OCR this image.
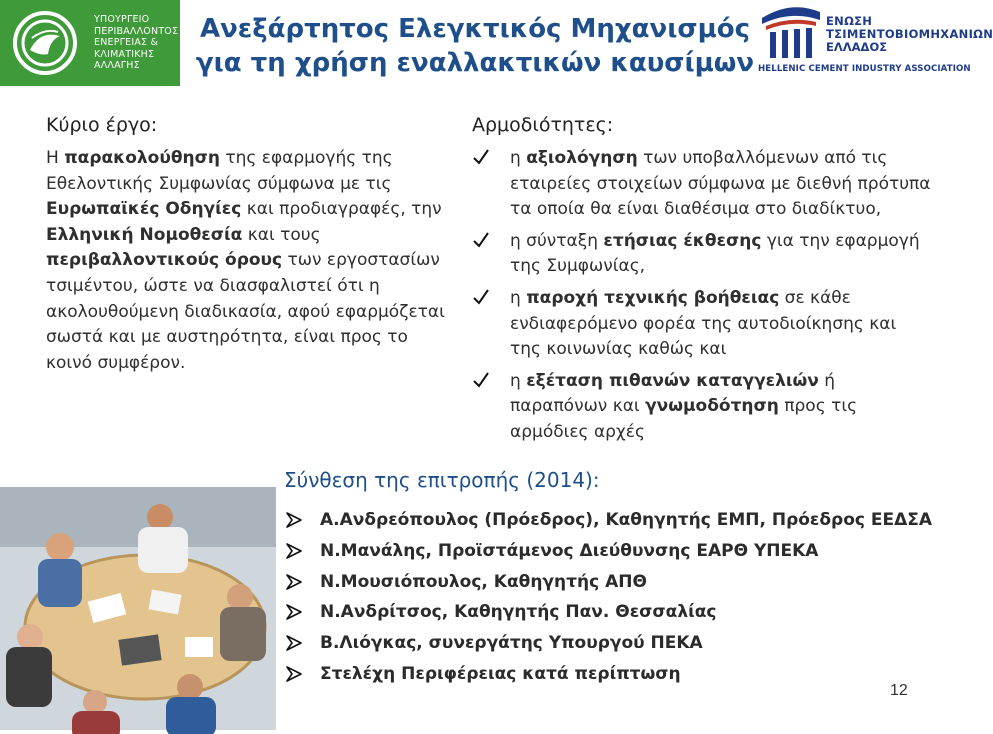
ΥΠΟΥΡΓΕΙΟ
ΠΕΡΙΒΑΛΛΟΝΤΟΣ
ΕΝΕΡΓΕΙΑΣ &
ΚΛΙΜΑΤΙΚΗΣ
ΑΛΛΑΓΗΣ
Ανεξάρτητος Ελεγκτικός Μηχανισμός
για τη χρήση εναλλακτικών καυσίμων
ΕΝΩΣΗ
ΤΣΙΜΕΝΤΟΒΙΟΜΗΧΑΝΙΩΝ
ΕΛΛΑΔΟΣ
HELLENIC CEMENT INDUSTRY ASSOCIATION
Κύριο έργο:
Η παρακολούθηση της εφαρμογής της Εθελοντικής Συμφωνίας σύμφωνα με τις Ευρωπαϊκές Οδηγίες και προδιαγραφές, την Ελληνική Νομοθεσία και τους περιβαλλοντικούς όρους των εργοστασίων τσιμέντου, ώστε να διασφαλιστεί ότι η ακολουθούμενη διαδικασία, αφού εφαρμόζεται σωστά και με αυστηρότητα, είναι προς το κοινό συμφέρον.
Αρμοδιότητες:
η αξιολόγηση των υποβαλλόμενων από τις εταιρείες στοιχείων σύμφωνα με διεθνή πρότυπα τα οποία θα είναι διαθέσιμα στο διαδίκτυο,
η σύνταξη ετήσιας έκθεσης για την εφαρμογή της Συμφωνίας,
η παροχή τεχνικής βοήθειας σε κάθε ενδιαφερόμενο φορέα της αυτοδιοίκησης και της κοινωνίας καθώς και
η εξέταση πιθανών καταγγελιών ή παραπόνων και γνωμοδότηση προς τις αρμόδιες αρχές
Σύνθεση της επιτροπής (2014):
Α.Ανδρεόπουλος (Πρόεδρος), Καθηγητής ΕΜΠ, Πρόεδρος ΕΕΔΣΑ
Ν.Μανάλης, Προϊστάμενος Διεύθυνσης ΕΑΡΘ ΥΠΕΚΑ
Ν.Μουσιόπουλος, Καθηγητής ΑΠΘ
Ν.Ανδρίτσος, Καθηγητής Παν. Θεσσαλίας
Β.Λιόγκας, συνεργάτης Υπουργού ΠΕΚΑ
Στελέχη Περιφέρειας κατά περίπτωση
12
